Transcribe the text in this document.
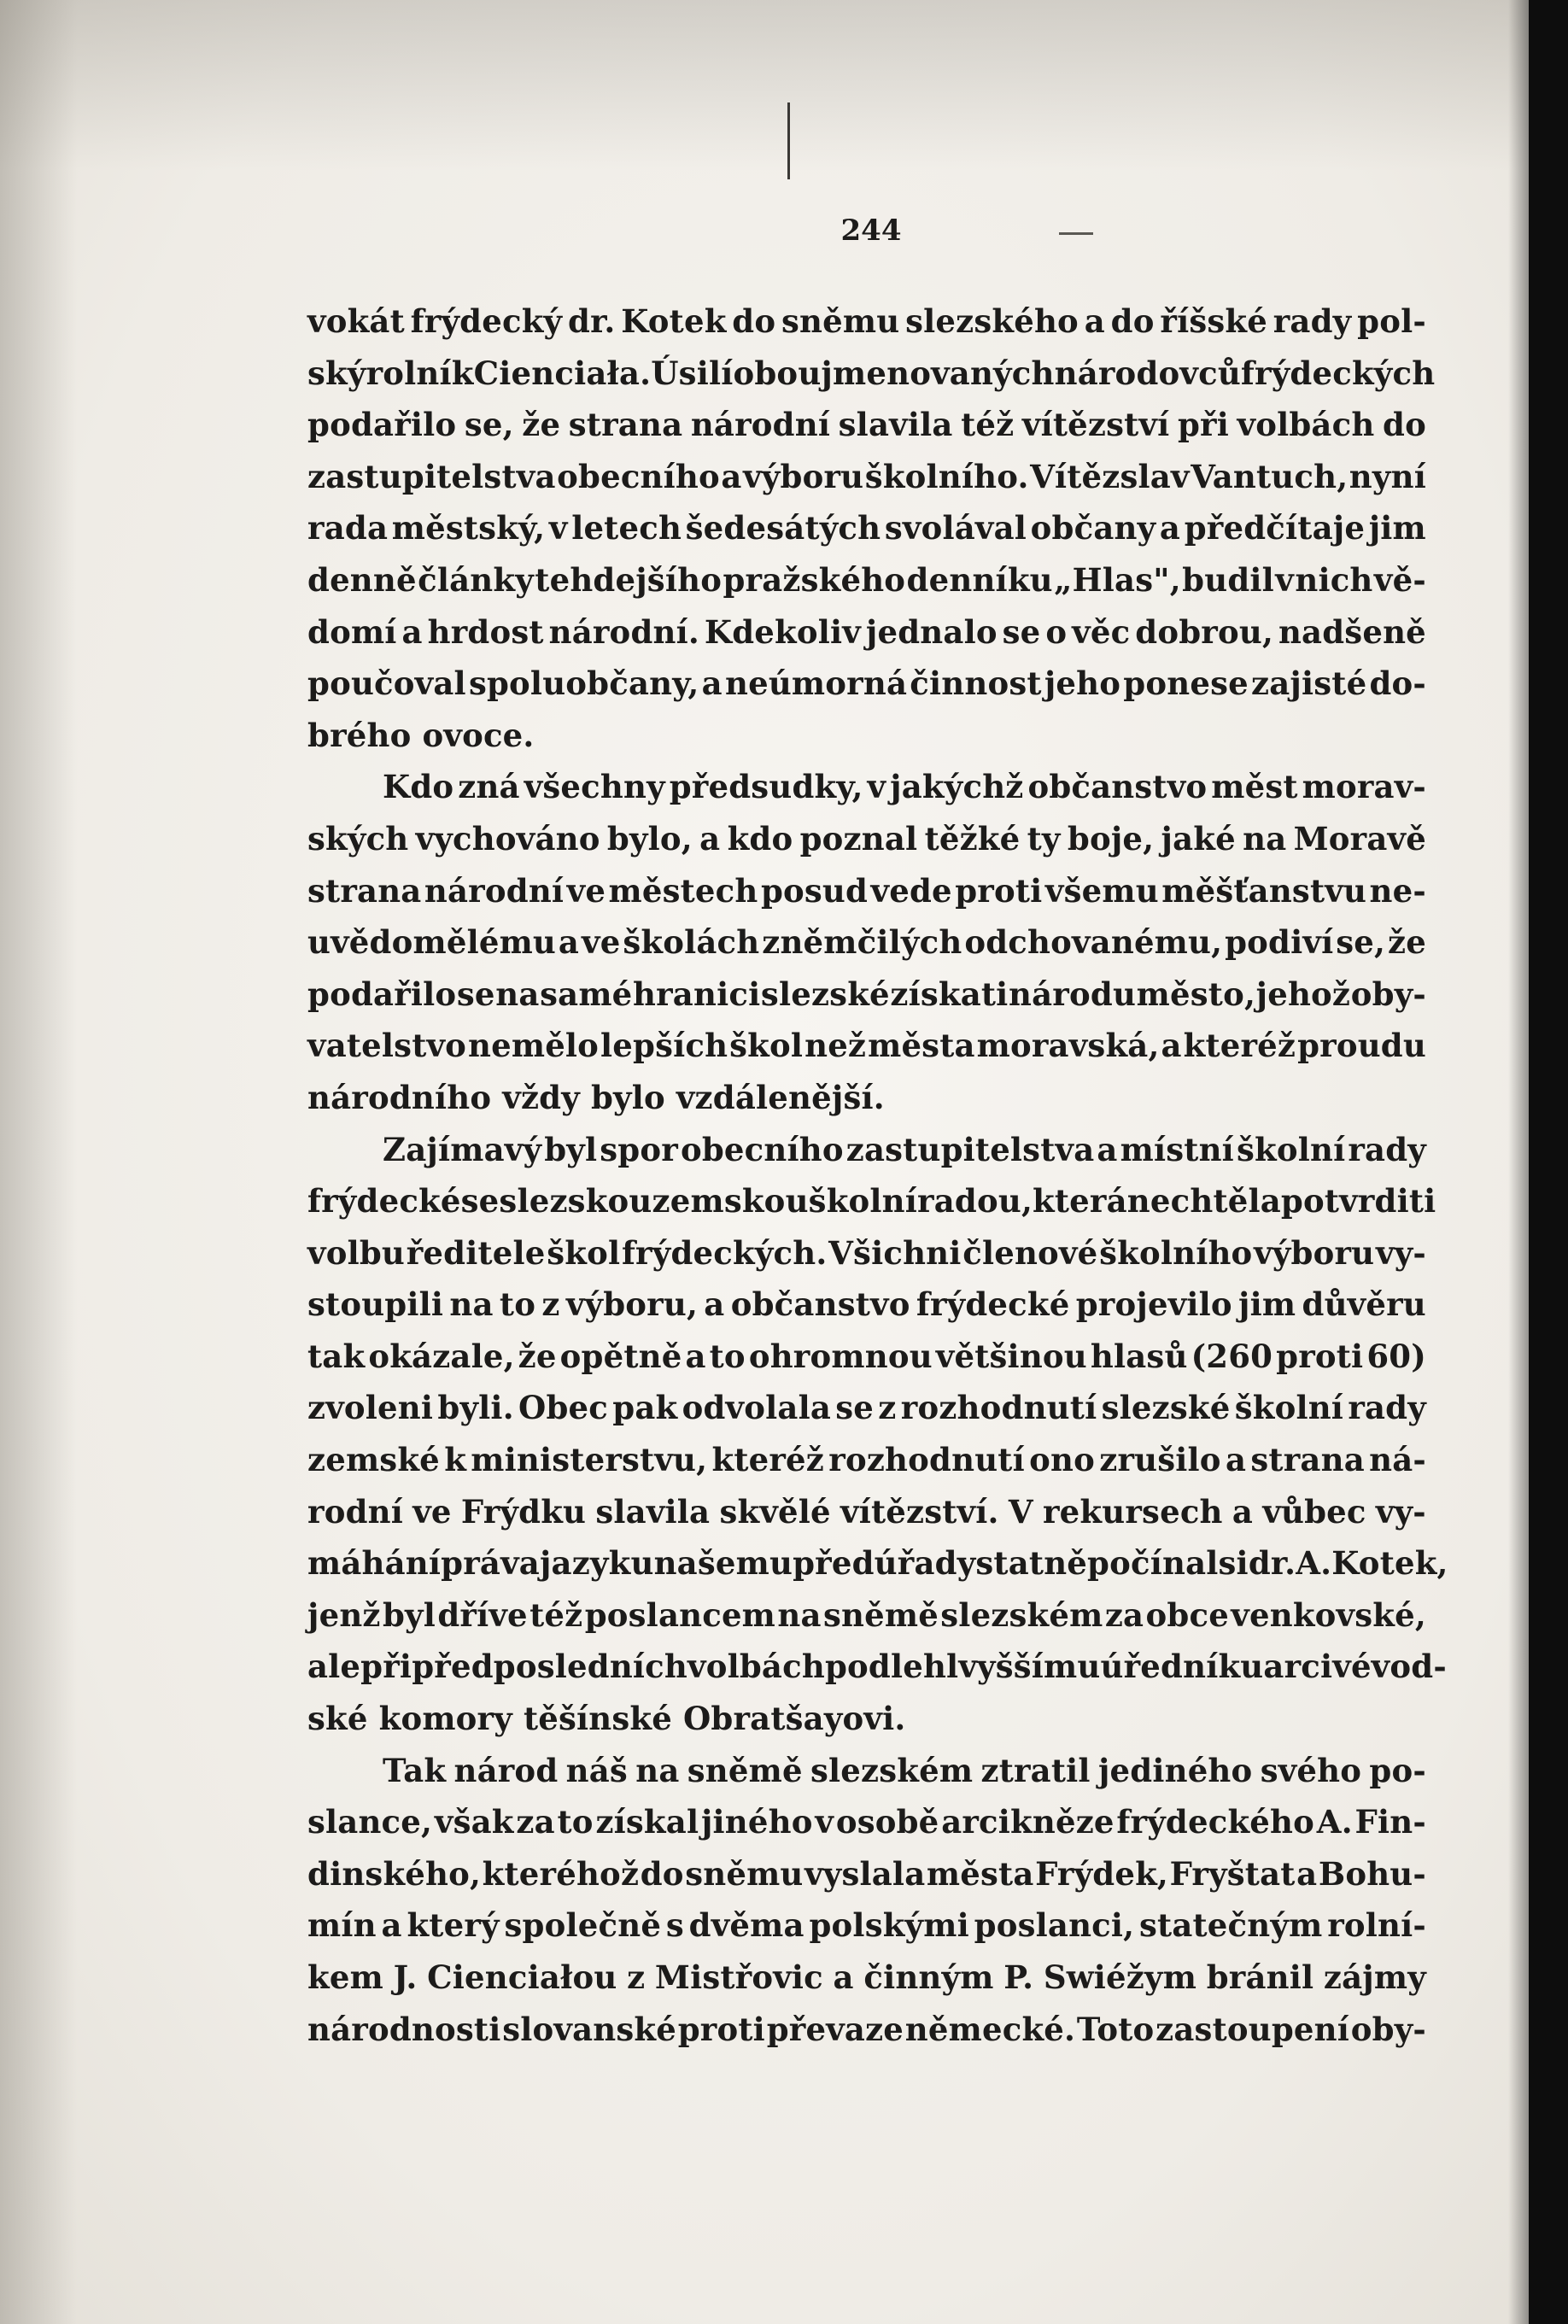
244
vokát frýdecký dr. Kotek do sněmu slezského a do říšské rady pol-
ský rolník Cienciała. Úsilí obou jmenovaných národovců frýdeckých
podařilo se, že strana národní slavila též vítězství při volbách do
zastupitelstva obecního a výboru školního. Vítězslav Vantuch, nyní
rada městský, v letech šedesátých svolával občany a předčítaje jim
denně články tehdejšího pražského denníku „Hlas", budil v nich vě-
domí a hrdost národní. Kdekoliv jednalo se o věc dobrou, nadšeně
poučoval spoluobčany, a neúmorná činnost jeho ponese zajisté do-
brého ovoce.
Kdo zná všechny předsudky, v jakýchž občanstvo měst morav-
ských vychováno bylo, a kdo poznal těžké ty boje, jaké na Moravě
strana národní ve městech posud vede proti všemu měšťanstvu ne-
uvědomělému a ve školách zněmčilých odchovanému, podiví se, že
podařilo se na samé hranici slezské získati národu město, jehož oby-
vatelstvo nemělo lepších škol než města moravská, a kteréž proudu
národního vždy bylo vzdálenější.
Zajímavý byl spor obecního zastupitelstva a místní školní rady
frýdecké se slezskou zemskou školní radou, která nechtěla potvrditi
volbu ředitele škol frýdeckých. Všichni členové školního výboru vy-
stoupili na to z výboru, a občanstvo frýdecké projevilo jim důvěru
tak okázale, že opětně a to ohromnou většinou hlasů (260 proti 60)
zvoleni byli. Obec pak odvolala se z rozhodnutí slezské školní rady
zemské k ministerstvu, kteréž rozhodnutí ono zrušilo a strana ná-
rodní ve Frýdku slavila skvělé vítězství. V rekursech a vůbec vy-
máhání práva jazyku našemu před úřady statně počínal si dr. A. Kotek,
jenž byl dříve též poslancem na sněmě slezském za obce venkovské,
ale při předposledních volbách podlehl vyššímu úředníku arcivévod-
ské komory těšínské Obratšayovi.
Tak národ náš na sněmě slezském ztratil jediného svého po-
slance, však za to získal jiného v osobě arcikněze frýdeckého A. Fin-
dinského, kteréhož do sněmu vyslala města Frýdek, Fryštat a Bohu-
mín a který společně s dvěma polskými poslanci, statečným rolní-
kem J. Cienciałou z Mistřovic a činným P. Swiéžym bránil zájmy
národnosti slovanské proti převaze německé. Toto zastoupení oby-
